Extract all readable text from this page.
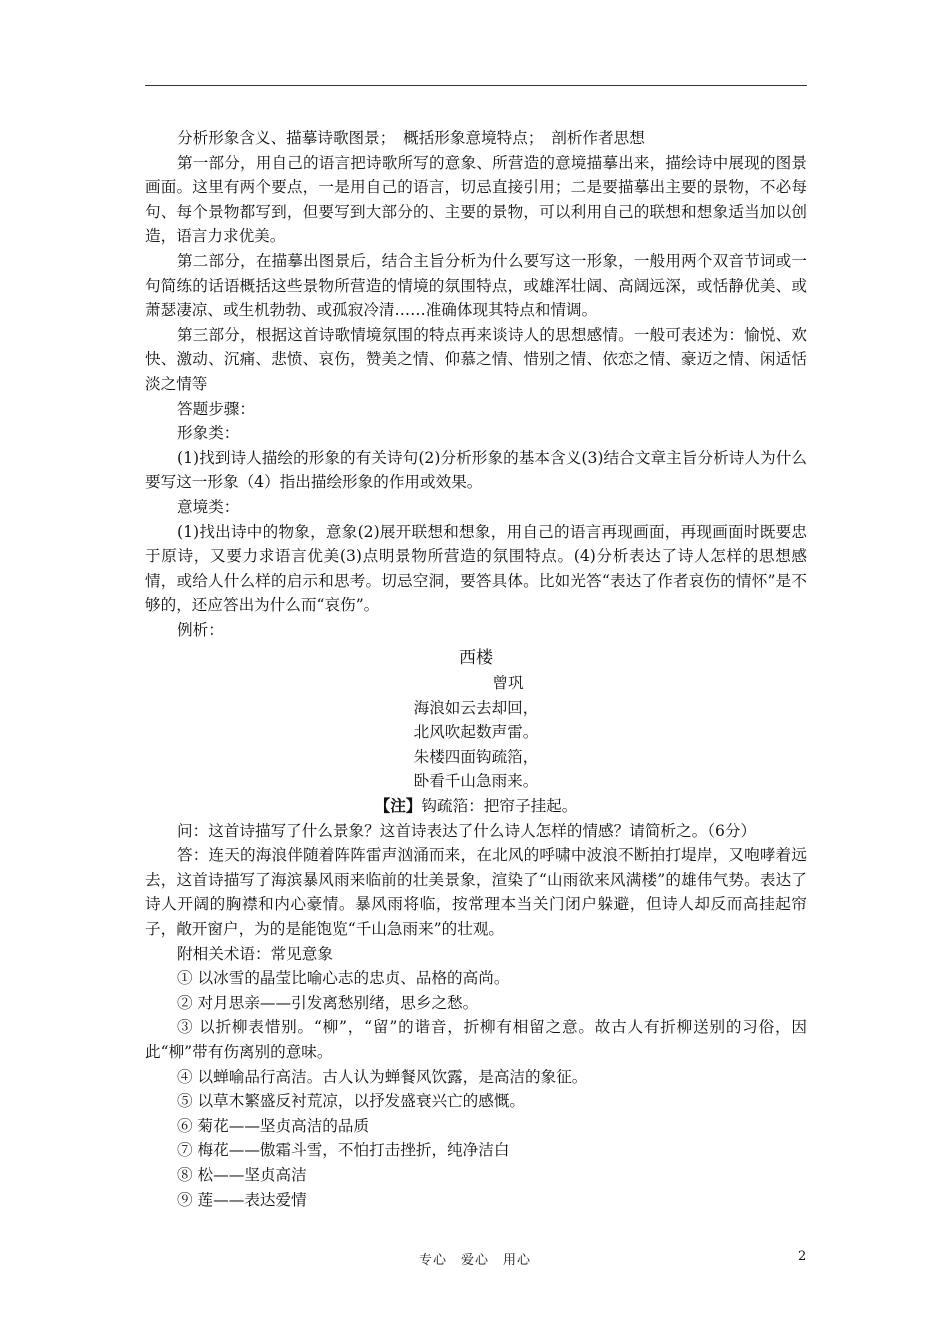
分析形象含义、描摹诗歌图景；　概括形象意境特点；　剖析作者思想

第一部分，用自己的语言把诗歌所写的意象、所营造的意境描摹出来，描绘诗中展现的图景画面。这里有两个要点，一是用自己的语言，切忌直接引用；二是要描摹出主要的景物，不必每句、每个景物都写到，但要写到大部分的、主要的景物，可以利用自己的联想和想象适当加以创造，语言力求优美。

第二部分，在描摹出图景后，结合主旨分析为什么要写这一形象，一般用两个双音节词或一句简练的话语概括这些景物所营造的情境的氛围特点，或雄浑壮阔、高阔远深，或恬静优美、或萧瑟凄凉、或生机勃勃、或孤寂冷清……准确体现其特点和情调。

第三部分，根据这首诗歌情境氛围的特点再来谈诗人的思想感情。一般可表述为：愉悦、欢快、激动、沉痛、悲愤、哀伤，赞美之情、仰慕之情、惜别之情、依恋之情、豪迈之情、闲适恬淡之情等

答题步骤：

形象类：

(1)找到诗人描绘的形象的有关诗句(2)分析形象的基本含义(3)结合文章主旨分析诗人为什么要写这一形象（4）指出描绘形象的作用或效果。

意境类：

(1)找出诗中的物象，意象(2)展开联想和想象，用自己的语言再现画面，再现画面时既要忠于原诗，又要力求语言优美(3)点明景物所营造的氛围特点。(4)分析表达了诗人怎样的思想感情，或给人什么样的启示和思考。切忌空洞，要答具体。比如光答“表达了作者哀伤的情怀”是不够的，还应答出为什么而“哀伤”。

例析：

西楼

曾巩

海浪如云去却回，

北风吹起数声雷。

朱楼四面钩疏箔，

卧看千山急雨来。

【注】钩疏箔：把帘子挂起。

问：这首诗描写了什么景象？这首诗表达了什么诗人怎样的情感？请简析之。（6分）

答：连天的海浪伴随着阵阵雷声汹涌而来，在北风的呼啸中波浪不断拍打堤岸，又咆哮着远去，这首诗描写了海滨暴风雨来临前的壮美景象，渲染了“山雨欲来风满楼”的雄伟气势。表达了诗人开阔的胸襟和内心豪情。暴风雨将临，按常理本当关门闭户躲避，但诗人却反而高挂起帘子，敞开窗户，为的是能饱览“千山急雨来”的壮观。

附相关术语：常见意象

① 以冰雪的晶莹比喻心志的忠贞、品格的高尚。

② 对月思亲——引发离愁别绪，思乡之愁。

③ 以折柳表惜别。“柳”，“留”的谐音，折柳有相留之意。故古人有折柳送别的习俗，因此“柳”带有伤离别的意味。

④ 以蝉喻品行高洁。古人认为蝉餐风饮露，是高洁的象征。

⑤ 以草木繁盛反衬荒凉，以抒发盛衰兴亡的感慨。

⑥ 菊花——坚贞高洁的品质

⑦ 梅花——傲霜斗雪，不怕打击挫折，纯净洁白

⑧ 松——坚贞高洁

⑨ 莲——表达爱情

专心　爱心　用心	2
